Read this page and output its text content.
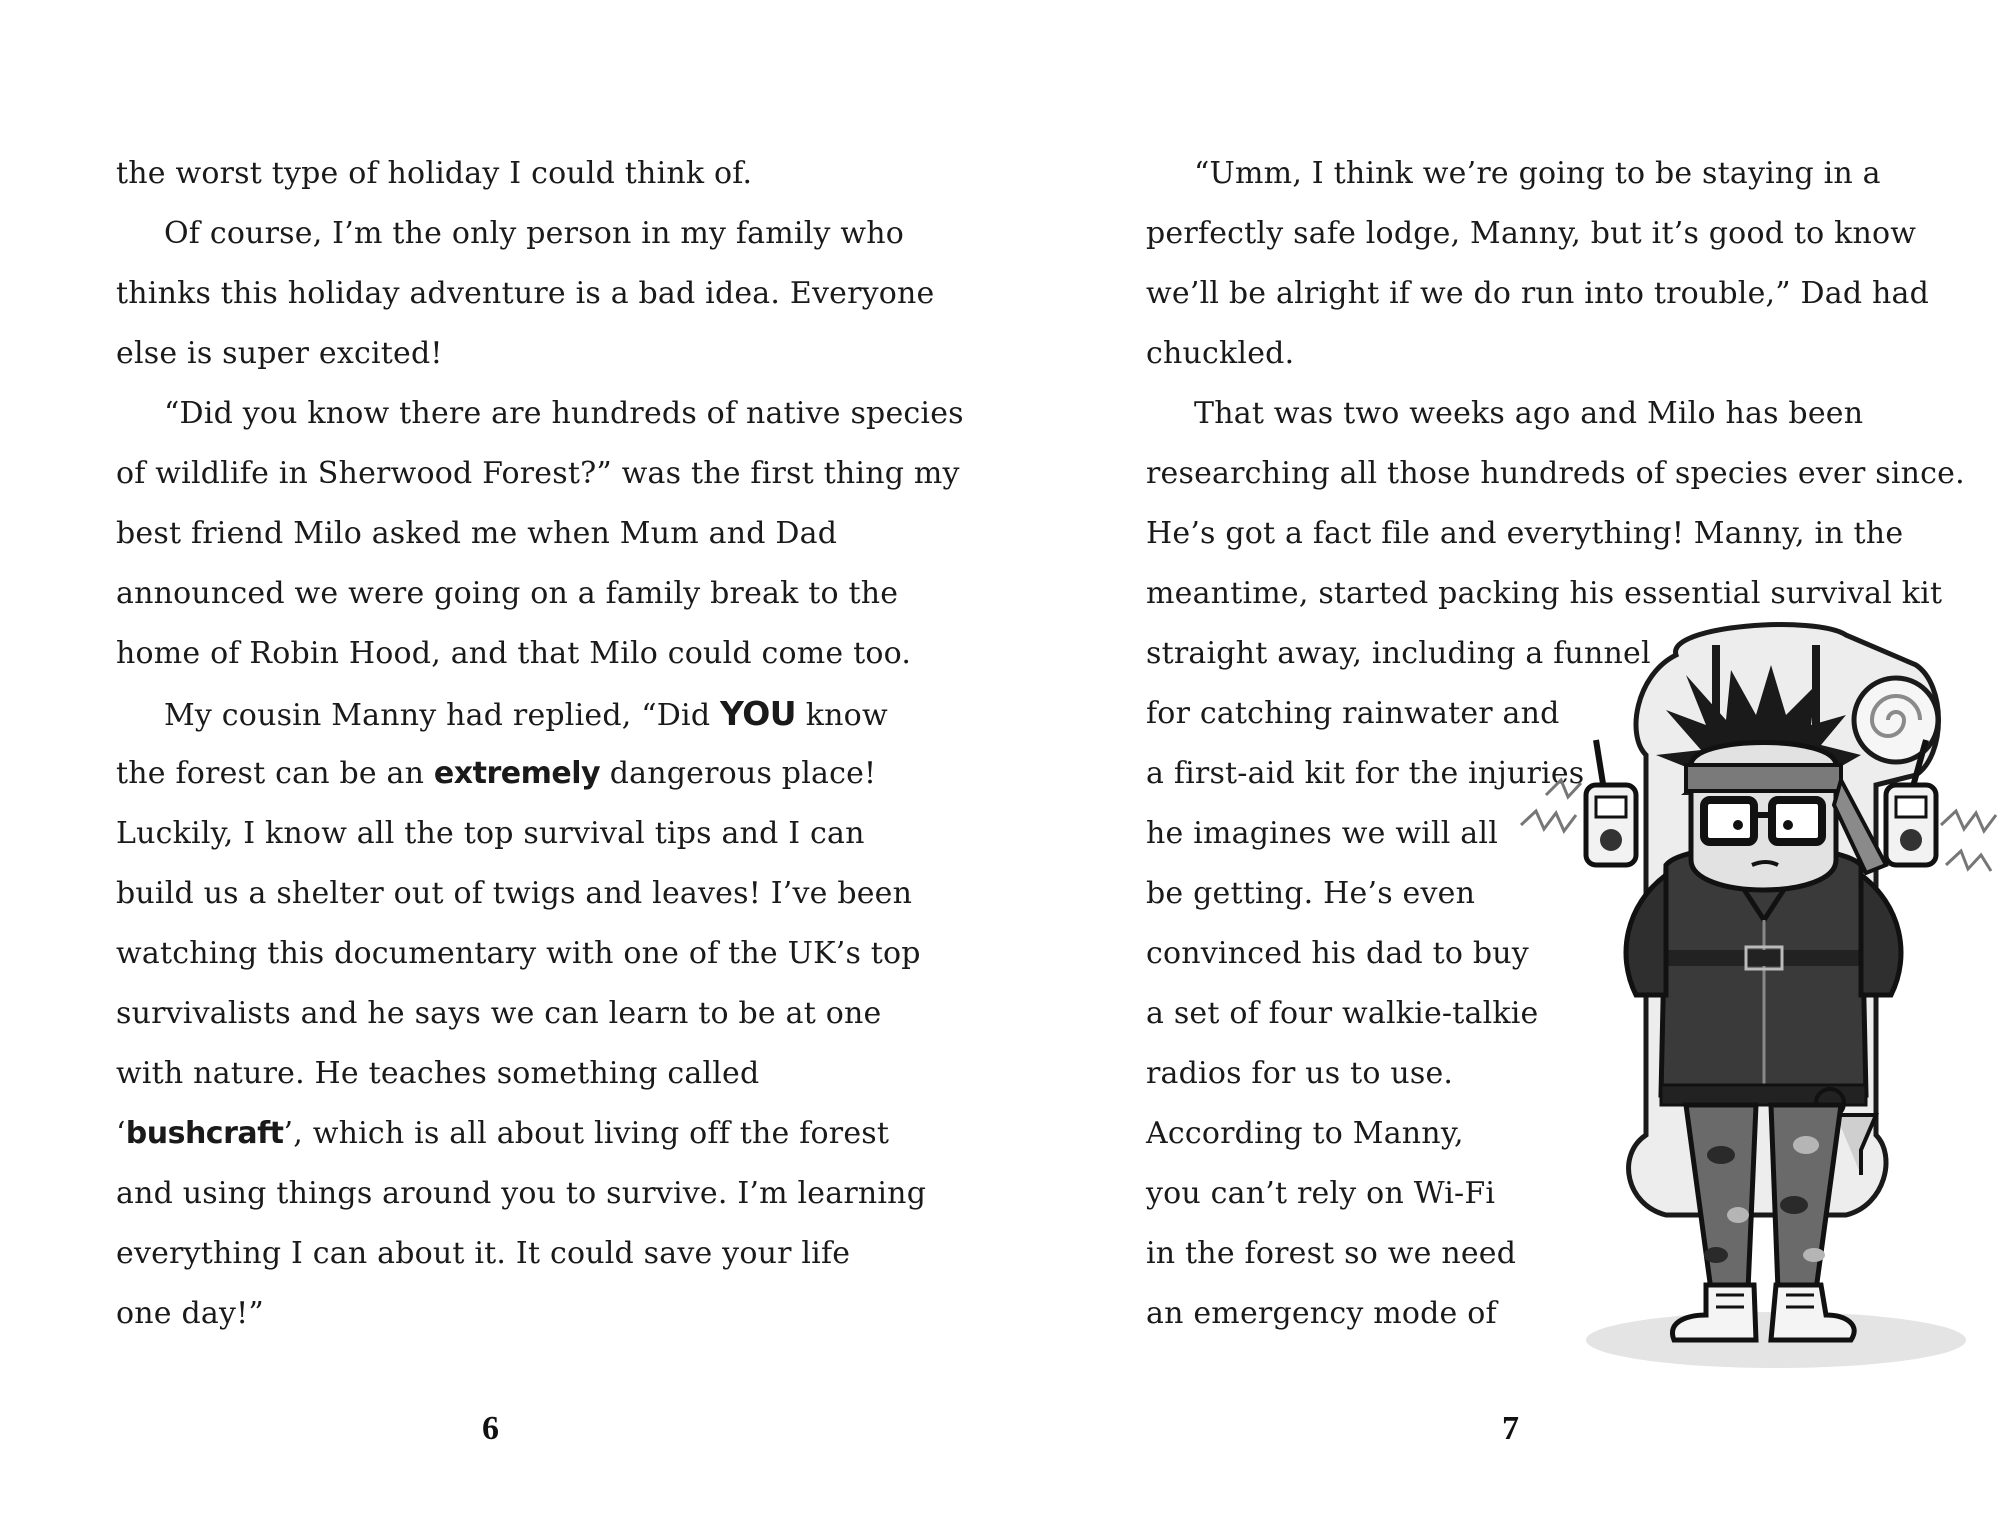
the worst type of holiday I could think of.
Of course, I’m the only person in my family who
thinks this holiday adventure is a bad idea. Everyone
else is super excited!
“Did you know there are hundreds of native species
of wildlife in Sherwood Forest?” was the first thing my
best friend Milo asked me when Mum and Dad
announced we were going on a family break to the
home of Robin Hood, and that Milo could come too.
My cousin Manny had replied, “Did YOU know
the forest can be an extremely dangerous place!
Luckily, I know all the top survival tips and I can
build us a shelter out of twigs and leaves! I’ve been
watching this documentary with one of the UK’s top
survivalists and he says we can learn to be at one
with nature. He teaches something called
‘bushcraft’, which is all about living off the forest
and using things around you to survive. I’m learning
everything I can about it. It could save your life
one day!”
6
“Umm, I think we’re going to be staying in a
perfectly safe lodge, Manny, but it’s good to know
we’ll be alright if we do run into trouble,” Dad had
chuckled.
That was two weeks ago and Milo has been
researching all those hundreds of species ever since.
He’s got a fact file and everything! Manny, in the
meantime, started packing his essential survival kit
straight away, including a funnel
for catching rainwater and
a first-aid kit for the injuries
he imagines we will all
be getting. He’s even
convinced his dad to buy
a set of four walkie-talkie
radios for us to use.
According to Manny,
you can’t rely on Wi-Fi
in the forest so we need
an emergency mode of
7
